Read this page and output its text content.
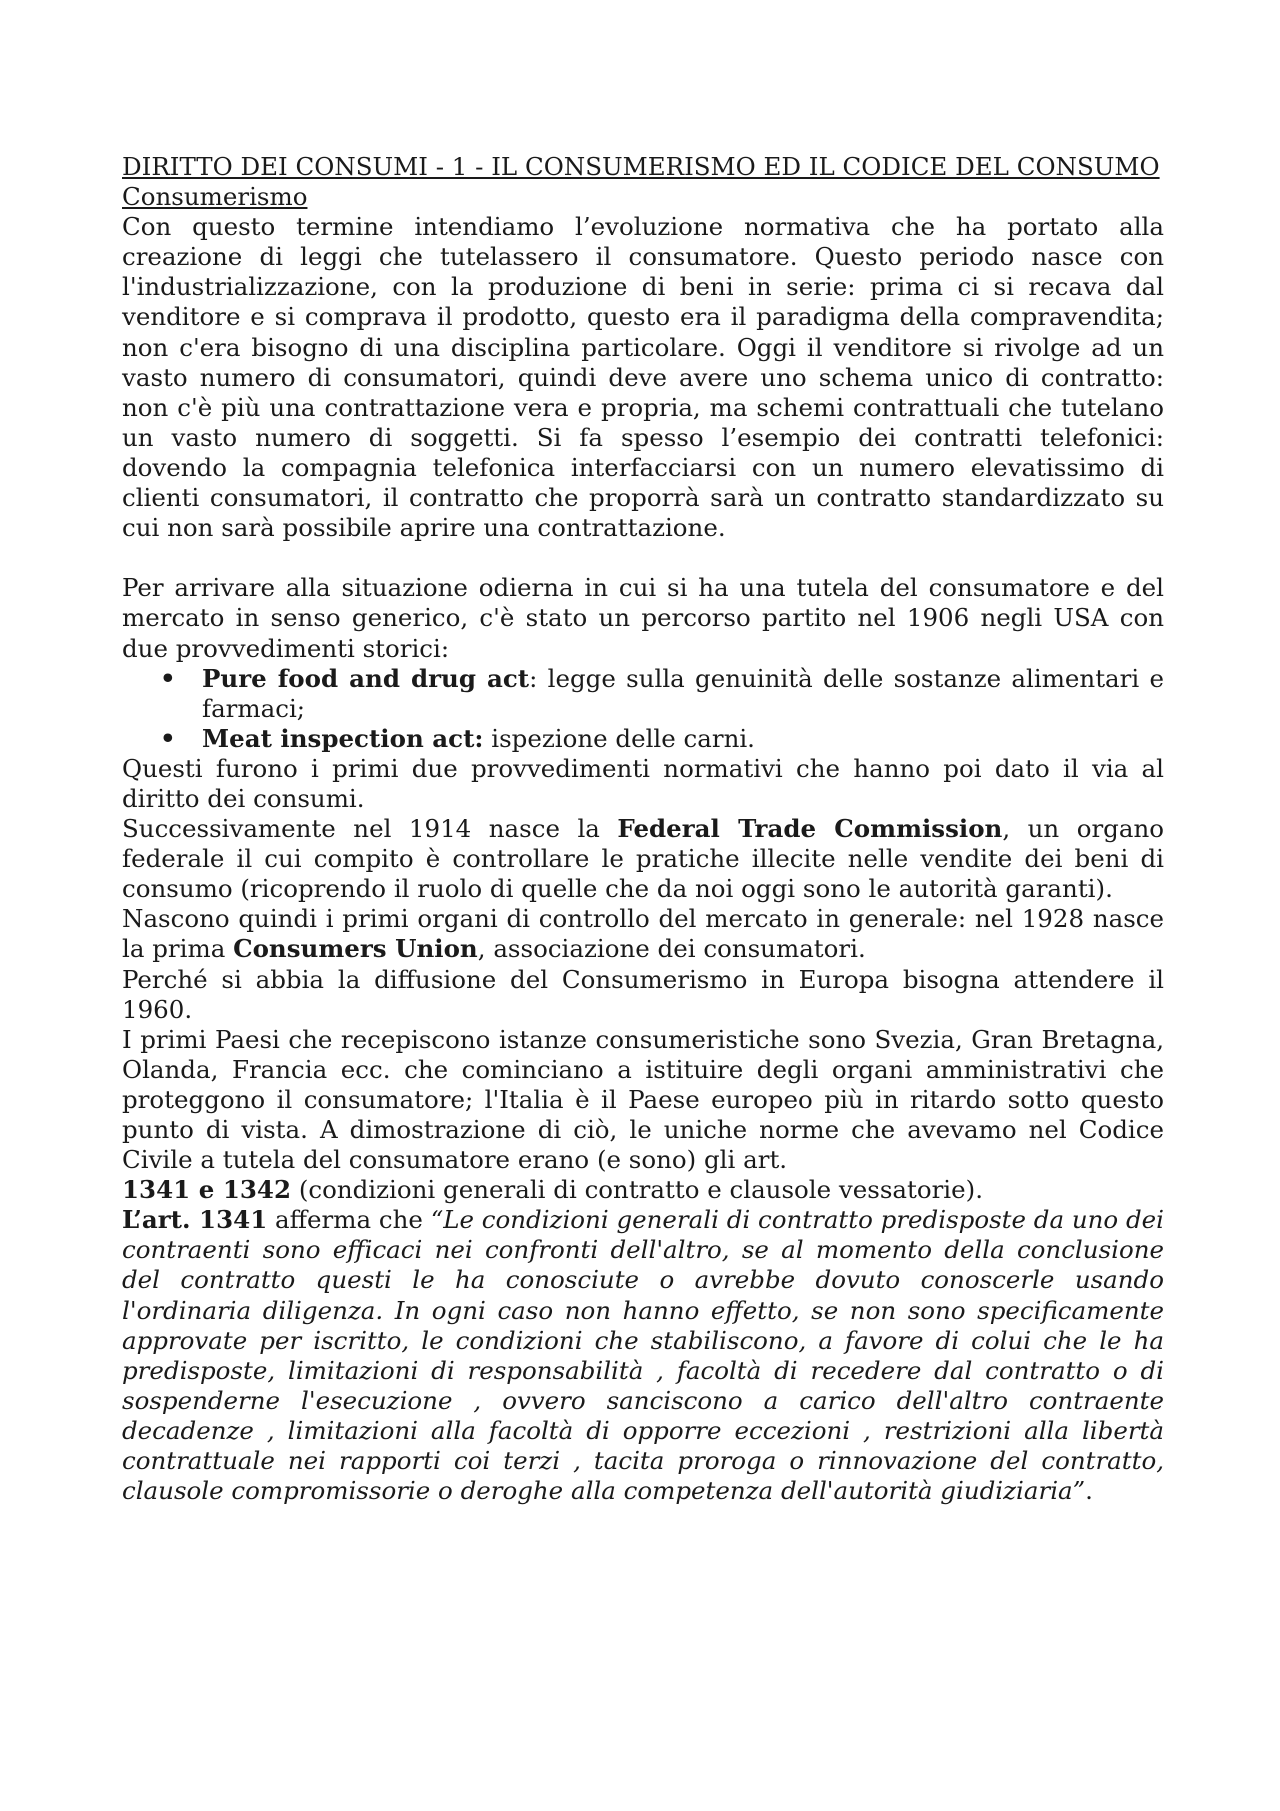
DIRITTO DEI CONSUMI - 1 - IL CONSUMERISMO ED IL CODICE DEL CONSUMO

Consumerismo

Con questo termine intendiamo l’evoluzione normativa che ha portato alla creazione di leggi che tutelassero il consumatore. Questo periodo nasce con l'industrializzazione, con la produzione di beni in serie: prima ci si recava dal venditore e si comprava il prodotto, questo era il paradigma della compravendita; non c'era bisogno di una disciplina particolare. Oggi il venditore si rivolge ad un vasto numero di consumatori, quindi deve avere uno schema unico di contratto: non c'è più una contrattazione vera e propria, ma schemi contrattuali che tutelano un vasto numero di soggetti. Si fa spesso l’esempio dei contratti telefonici: dovendo la compagnia telefonica interfacciarsi con un numero elevatissimo di clienti consumatori, il contratto che proporrà sarà un contratto standardizzato su cui non sarà possibile aprire una contrattazione.

Per arrivare alla situazione odierna in cui si ha una tutela del consumatore e del mercato in senso generico, c'è stato un percorso partito nel 1906 negli USA con due provvedimenti storici:

• Pure food and drug act: legge sulla genuinità delle sostanze alimentari e farmaci;
• Meat inspection act: ispezione delle carni.

Questi furono i primi due provvedimenti normativi che hanno poi dato il via al diritto dei consumi.

Successivamente nel 1914 nasce la Federal Trade Commission, un organo federale il cui compito è controllare le pratiche illecite nelle vendite dei beni di consumo (ricoprendo il ruolo di quelle che da noi oggi sono le autorità garanti).

Nascono quindi i primi organi di controllo del mercato in generale: nel 1928 nasce la prima Consumers Union, associazione dei consumatori.

Perché si abbia la diffusione del Consumerismo in Europa bisogna attendere il 1960.

I primi Paesi che recepiscono istanze consumeristiche sono Svezia, Gran Bretagna, Olanda, Francia ecc. che cominciano a istituire degli organi amministrativi che proteggono il consumatore; l'Italia è il Paese europeo più in ritardo sotto questo punto di vista. A dimostrazione di ciò, le uniche norme che avevamo nel Codice Civile a tutela del consumatore erano (e sono) gli art.

1341 e 1342 (condizioni generali di contratto e clausole vessatorie).

L’art. 1341 afferma che “Le condizioni generali di contratto predisposte da uno dei contraenti sono efficaci nei confronti dell'altro, se al momento della conclusione del contratto questi le ha conosciute o avrebbe dovuto conoscerle usando l'ordinaria diligenza. In ogni caso non hanno effetto, se non sono specificamente approvate per iscritto, le condizioni che stabiliscono, a favore di colui che le ha predisposte, limitazioni di responsabilità , facoltà di recedere dal contratto o di sospenderne l'esecuzione , ovvero sanciscono a carico dell'altro contraente decadenze , limitazioni alla facoltà di opporre eccezioni , restrizioni alla libertà contrattuale nei rapporti coi terzi , tacita proroga o rinnovazione del contratto, clausole compromissorie o deroghe alla competenza dell'autorità giudiziaria”.
